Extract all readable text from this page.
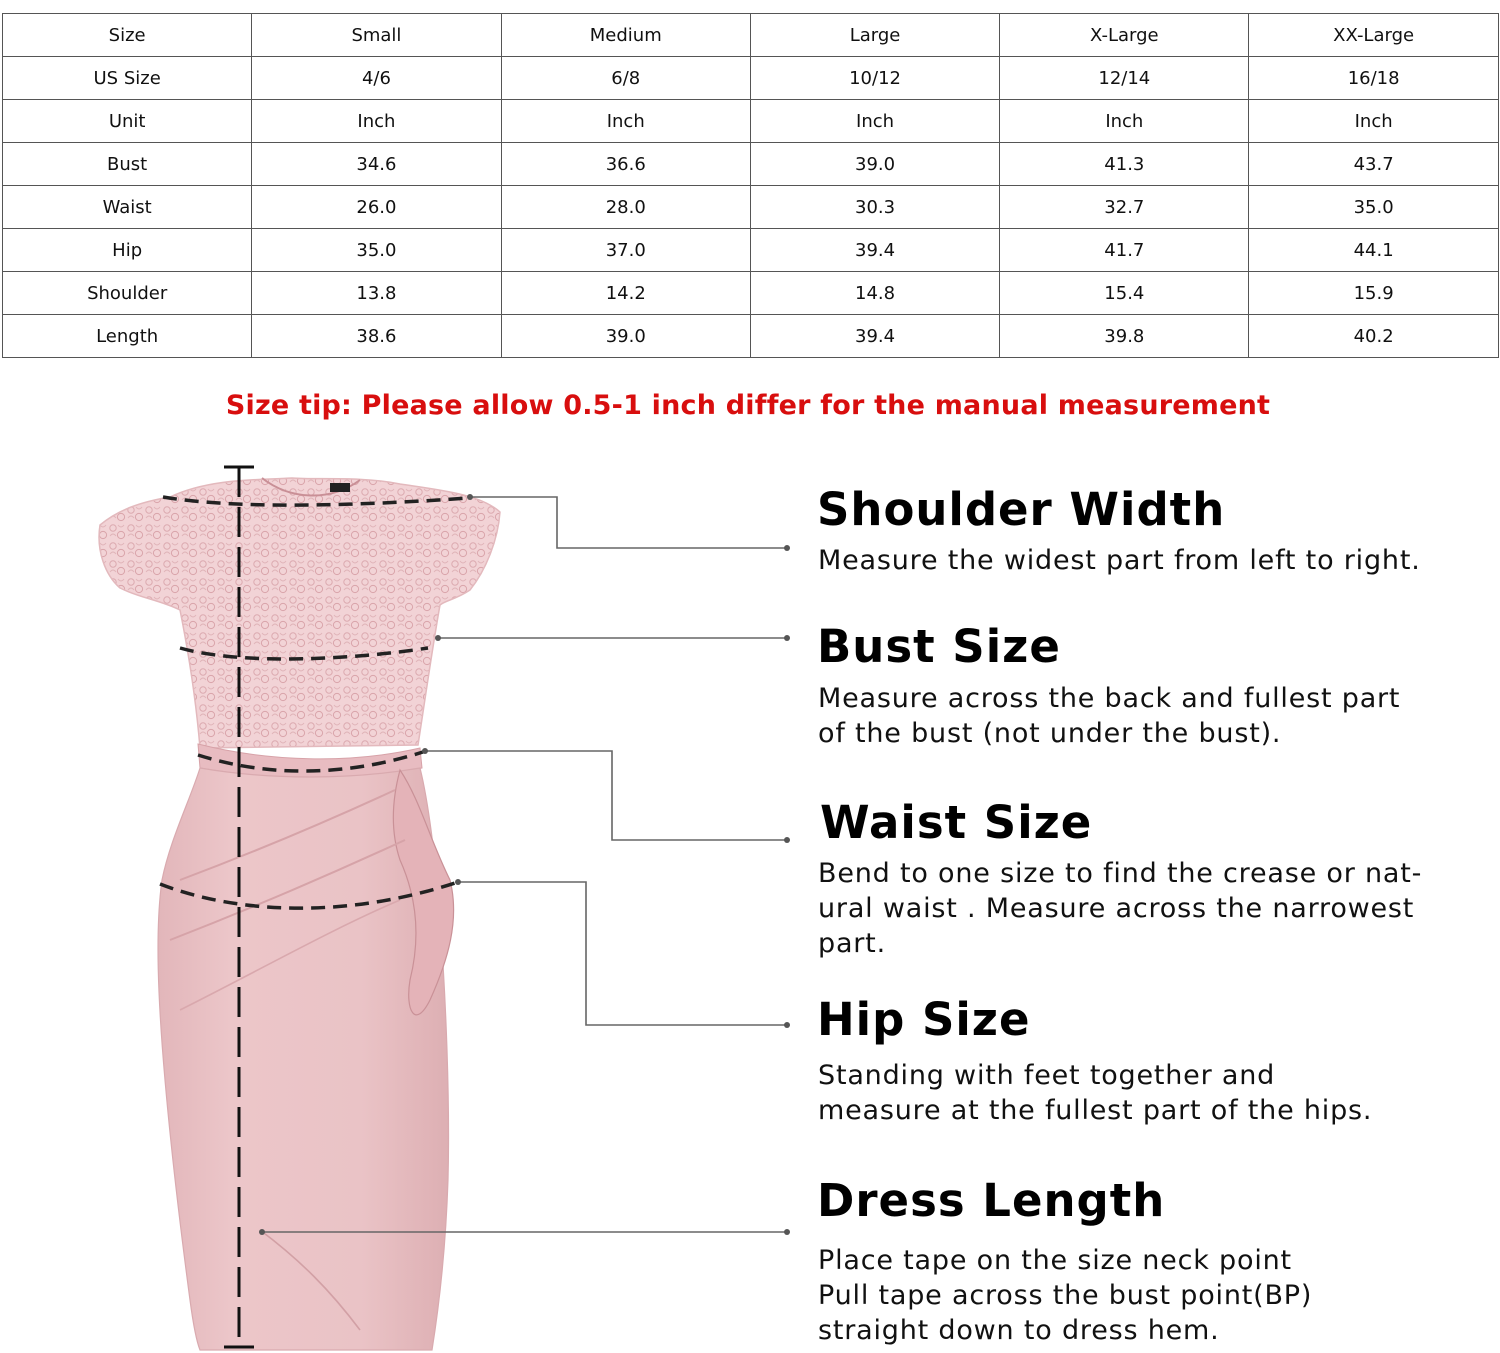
Size	Small	Medium	Large	X-Large	XX-Large
US Size	4/6	6/8	10/12	12/14	16/18
Unit	Inch	Inch	Inch	Inch	Inch
Bust	34.6	36.6	39.0	41.3	43.7
Waist	26.0	28.0	30.3	32.7	35.0
Hip	35.0	37.0	39.4	41.7	44.1
Shoulder	13.8	14.2	14.8	15.4	15.9
Length	38.6	39.0	39.4	39.8	40.2
Size tip: Please allow 0.5-1 inch differ for the manual measurement
Shoulder Width
Measure the widest part from left to right.
Bust Size
Measure across the back and fullest part
of the bust (not under the bust).
Waist Size
Bend to one size to find the crease or nat-
ural waist . Measure across the narrowest
part.
Hip Size
Standing with feet together and
measure at the fullest part of the hips.
Dress Length
Place tape on the size neck point
Pull tape across the bust point(BP)
straight down to dress hem.
